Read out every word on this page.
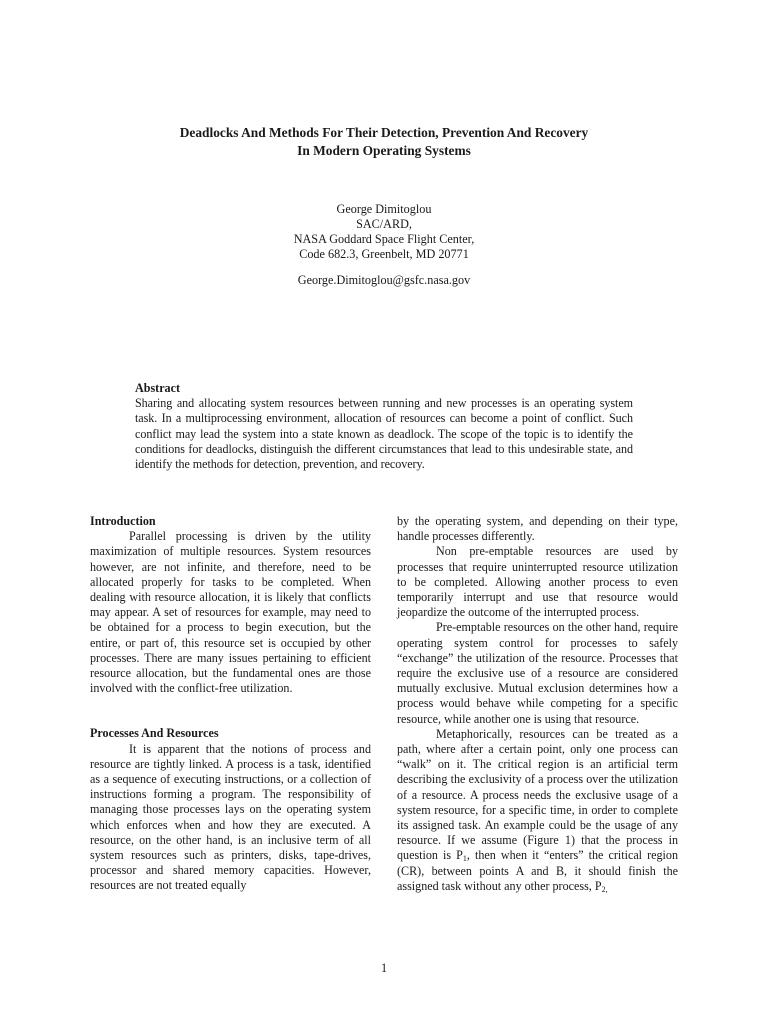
Deadlocks And Methods For Their Detection, Prevention And Recovery
In Modern Operating Systems
George Dimitoglou
SAC/ARD,
NASA Goddard Space Flight Center,
Code 682.3, Greenbelt, MD 20771
George.Dimitoglou@gsfc.nasa.gov
Abstract
Sharing and allocating system resources between running and new processes is an operating system task. In a multiprocessing environment, allocation of resources can become a point of conflict. Such conflict may lead the system into a state known as deadlock. The scope of the topic is to identify the conditions for deadlocks, distinguish the different circumstances that lead to this undesirable state, and identify the methods for detection, prevention, and recovery.
Introduction

Parallel processing is driven by the utility maximization of multiple resources. System resources however, are not infinite, and therefore, need to be allocated properly for tasks to be completed. When dealing with resource allocation, it is likely that conflicts may appear. A set of resources for example, may need to be obtained for a process to begin execution, but the entire, or part of, this resource set is occupied by other processes. There are many issues pertaining to efficient resource allocation, but the fundamental ones are those involved with the conflict-free utilization.

Processes And Resources

It is apparent that the notions of process and resource are tightly linked. A process is a task, identified as a sequence of executing instructions, or a collection of instructions forming a program. The responsibility of managing those processes lays on the operating system which enforces when and how they are executed. A resource, on the other hand, is an inclusive term of all system resources such as printers, disks, tape-drives, processor and shared memory capacities. However, resources are not treated equally

by the operating system, and depending on their type, handle processes differently.

Non pre-emptable resources are used by processes that require uninterrupted resource utilization to be completed. Allowing another process to even temporarily interrupt and use that resource would jeopardize the outcome of the interrupted process.

Pre-emptable resources on the other hand, require operating system control for processes to safely “exchange” the utilization of the resource. Processes that require the exclusive use of a resource are considered mutually exclusive. Mutual exclusion determines how a process would behave while competing for a specific resource, while another one is using that resource.

Metaphorically, resources can be treated as a path, where after a certain point, only one process can “walk” on it. The critical region is an artificial term describing the exclusivity of a process over the utilization of a resource. A process needs the exclusive usage of a system resource, for a specific time, in order to complete its assigned task. An example could be the usage of any resource. If we assume (Figure 1) that the process in question is $P_1$, then when it “enters” the critical region (CR), between points A and B, it should finish the assigned task without any other process, $P_{2,}$

1
